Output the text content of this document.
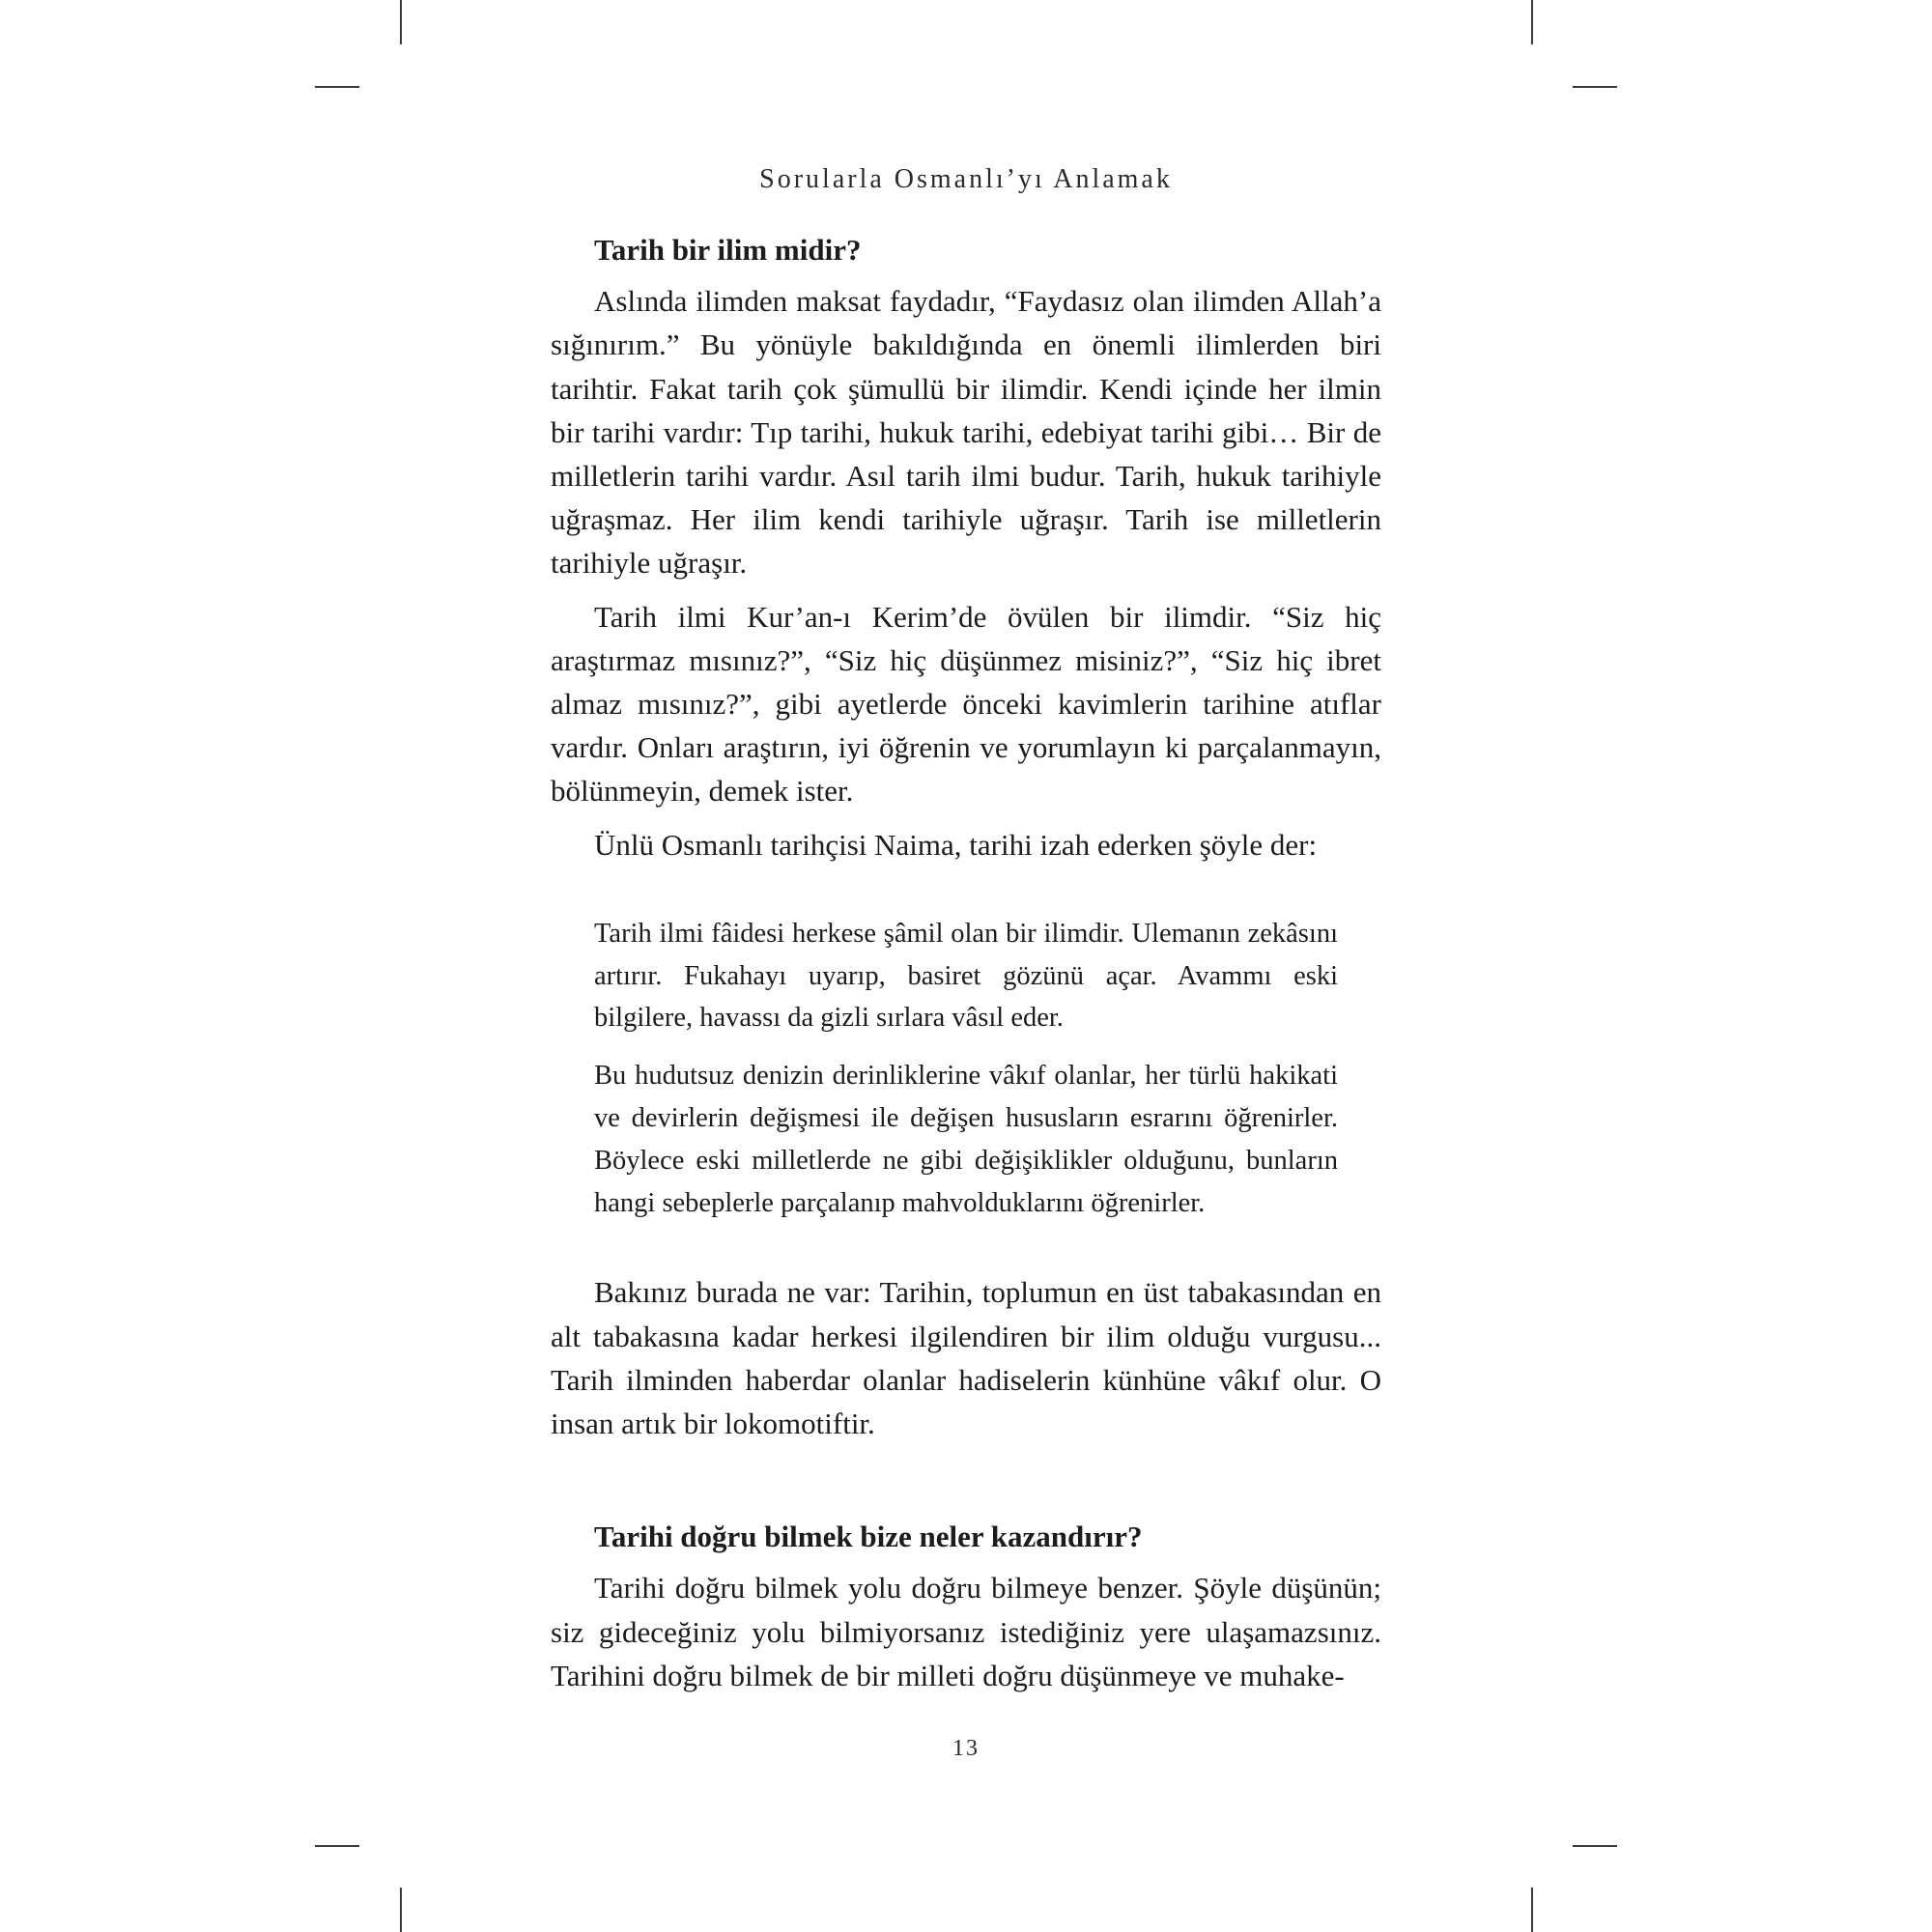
Sorularla Osmanlı’yı Anlamak
Tarih bir ilim midir?

Aslında ilimden maksat faydadır, “Faydasız olan ilimden Allah’a sığınırım.” Bu yönüyle bakıldığında en önemli ilimlerden biri tarihtir. Fakat tarih çok şümullü bir ilimdir. Kendi içinde her ilmin bir tarihi vardır: Tıp tarihi, hukuk tarihi, edebiyat tarihi gibi… Bir de milletlerin tarihi vardır. Asıl tarih ilmi budur. Tarih, hukuk tarihiyle uğraşmaz. Her ilim kendi tarihiyle uğraşır. Tarih ise milletlerin tarihiyle uğraşır.

Tarih ilmi Kur’an-ı Kerim’de övülen bir ilimdir. “Siz hiç araştırmaz mısınız?”, “Siz hiç düşünmez misiniz?”, “Siz hiç ibret almaz mısınız?”, gibi ayetlerde önceki kavimlerin tarihine atıflar vardır. Onları araştırın, iyi öğrenin ve yorumlayın ki parçalanmayın, bölünmeyin, demek ister.

Ünlü Osmanlı tarihçisi Naima, tarihi izah ederken şöyle der:

Tarih ilmi fâidesi herkese şâmil olan bir ilimdir. Ulemanın zekâsını artırır. Fukahayı uyarıp, basiret gözünü açar. Avammı eski bilgilere, havassı da gizli sırlara vâsıl eder.

Bu hudutsuz denizin derinliklerine vâkıf olanlar, her türlü hakikati ve devirlerin değişmesi ile değişen hususların esrarını öğrenirler. Böylece eski milletlerde ne gibi değişiklikler olduğunu, bunların hangi sebeplerle parçalanıp mahvolduklarını öğrenirler.

Bakınız burada ne var: Tarihin, toplumun en üst tabakasından en alt tabakasına kadar herkesi ilgilendiren bir ilim olduğu vurgusu... Tarih ilminden haberdar olanlar hadiselerin künhüne vâkıf olur. O insan artık bir lokomotiftir.

Tarihi doğru bilmek bize neler kazandırır?

Tarihi doğru bilmek yolu doğru bilmeye benzer. Şöyle düşünün; siz gideceğiniz yolu bilmiyorsanız istediğiniz yere ulaşamazsınız. Tarihini doğru bilmek de bir milleti doğru düşünmeye ve muhake-

13
